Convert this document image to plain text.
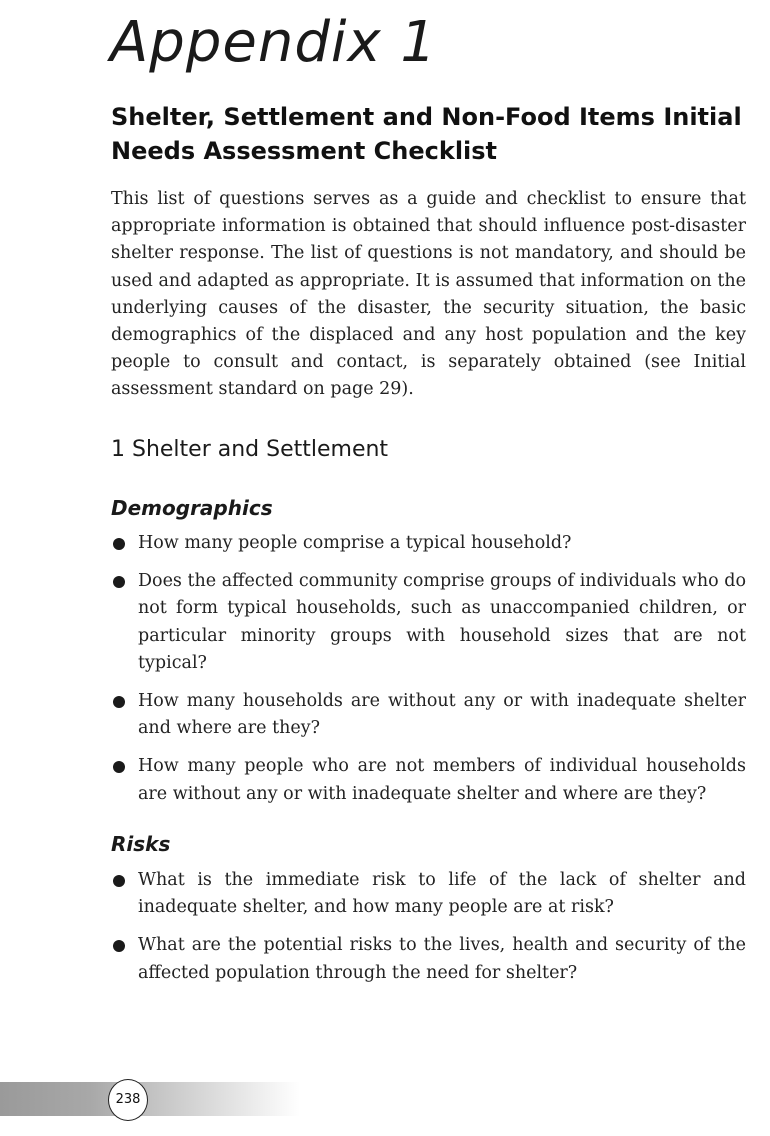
Appendix 1
Shelter, Settlement and Non-Food Items Initial Needs Assessment Checklist

This list of questions serves as a guide and checklist to ensure that appropriate information is obtained that should influence post-disaster shelter response. The list of questions is not mandatory, and should be used and adapted as appropriate. It is assumed that information on the underlying causes of the disaster, the security situation, the basic demographics of the displaced and any host population and the key people to consult and contact, is separately obtained (see Initial assessment standard on page 29).

1 Shelter and Settlement
Demographics
How many people comprise a typical household?
Does the affected community comprise groups of individuals who do not form typical households, such as unaccompanied children, or particular minority groups with household sizes that are not typical?
How many households are without any or with inadequate shelter and where are they?
How many people who are not members of individual households are without any or with inadequate shelter and where are they?
Risks
What is the immediate risk to life of the lack of shelter and inadequate shelter, and how many people are at risk?
What are the potential risks to the lives, health and security of the affected population through the need for shelter?
238
